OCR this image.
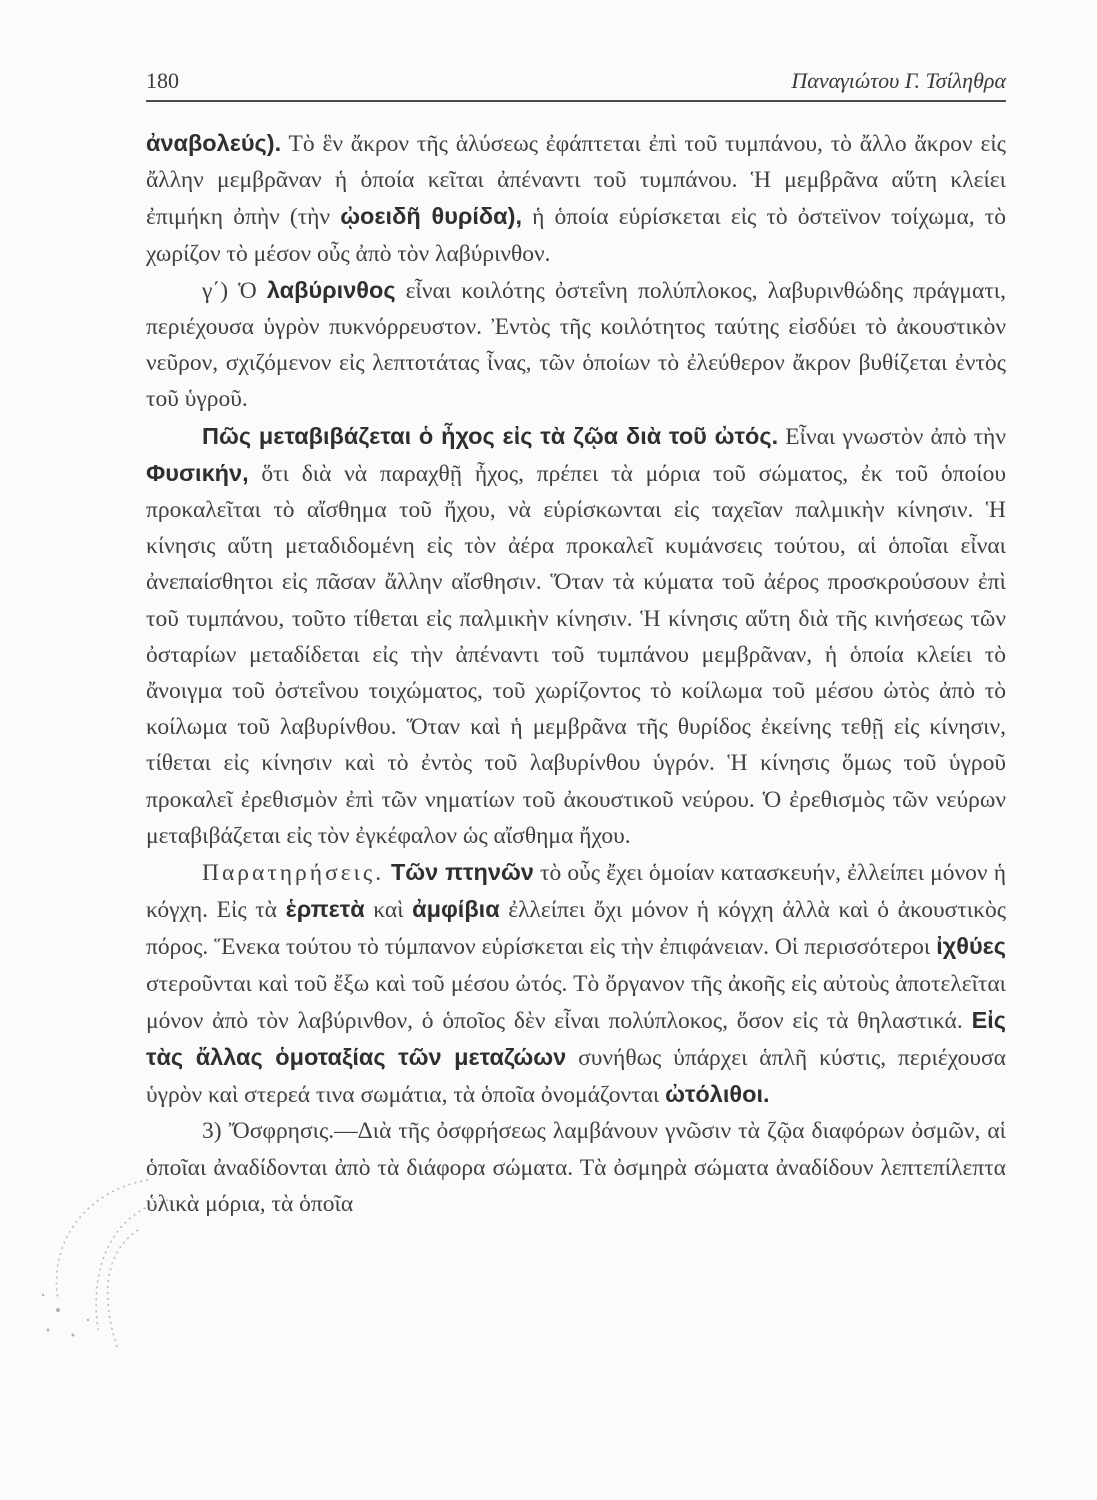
180	Παναγιώτου Γ. Τσίληθρα

ἀναβολεύς). Τὸ ἓν ἄκρον τῆς ἁλύσεως ἐφάπτεται ἐπὶ τοῦ τυμπάνου, τὸ ἄλλο ἄκρον εἰς ἄλλην μεμβρᾶναν ἡ ὁποία κεῖται ἀπέναντι τοῦ τυμπάνου. Ἡ μεμβρᾶνα αὕτη κλείει ἐπιμήκη ὀπὴν (τὴν ᾠοειδῆ θυρίδα), ἡ ὁποία εὑρίσκεται εἰς τὸ ὀστεϊνον τοίχωμα, τὸ χωρίζον τὸ μέσον οὖς ἀπὸ τὸν λαβύρινθον.

γ΄) Ὁ λαβύρινθος εἶναι κοιλότης ὀστεΐνη πολύπλοκος, λαβυρινθώδης πράγματι, περιέχουσα ὑγρὸν πυκνόρρευστον. Ἐντὸς τῆς κοιλότητος ταύτης εἰσδύει τὸ ἀκουστικὸν νεῦρον, σχιζόμενον εἰς λεπτοτάτας ἶνας, τῶν ὁποίων τὸ ἐλεύθερον ἄκρον βυθίζεται ἐντὸς τοῦ ὑγροῦ.

Πῶς μεταβιβάζεται ὁ ἦχος εἰς τὰ ζῷα διὰ τοῦ ὠτός. Εἶναι γνωστὸν ἀπὸ τὴν Φυσικήν, ὅτι διὰ νὰ παραχθῇ ἦχος, πρέπει τὰ μόρια τοῦ σώματος, ἐκ τοῦ ὁποίου προκαλεῖται τὸ αἴσθημα τοῦ ἤχου, νὰ εὑρίσκωνται εἰς ταχεῖαν παλμικὴν κίνησιν. Ἡ κίνησις αὕτη μεταδιδομένη εἰς τὸν ἀέρα προκαλεῖ κυμάνσεις τούτου, αἱ ὁποῖαι εἶναι ἀνεπαίσθητοι εἰς πᾶσαν ἄλλην αἴσθησιν. Ὅταν τὰ κύματα τοῦ ἀέρος προσκρούσουν ἐπὶ τοῦ τυμπάνου, τοῦτο τίθεται εἰς παλμικὴν κίνησιν. Ἡ κίνησις αὕτη διὰ τῆς κινήσεως τῶν ὀσταρίων μεταδίδεται εἰς τὴν ἀπέναντι τοῦ τυμπάνου μεμβρᾶναν, ἡ ὁποία κλείει τὸ ἄνοιγμα τοῦ ὀστεΐνου τοιχώματος, τοῦ χωρίζοντος τὸ κοίλωμα τοῦ μέσου ὠτὸς ἀπὸ τὸ κοίλωμα τοῦ λαβυρίνθου. Ὅταν καὶ ἡ μεμβρᾶνα τῆς θυρίδος ἐκείνης τεθῇ εἰς κίνησιν, τίθεται εἰς κίνησιν καὶ τὸ ἐντὸς τοῦ λαβυρίνθου ὑγρόν. Ἡ κίνησις ὅμως τοῦ ὑγροῦ προκαλεῖ ἐρεθισμὸν ἐπὶ τῶν νηματίων τοῦ ἀκουστικοῦ νεύρου. Ὁ ἐρεθισμὸς τῶν νεύρων μεταβιβάζεται εἰς τὸν ἐγκέφαλον ὡς αἴσθημα ἤχου.

Παρατηρήσεις. Τῶν πτηνῶν τὸ οὖς ἔχει ὁμοίαν κατασκευήν, ἐλλείπει μόνον ἡ κόγχη. Εἰς τὰ ἑρπετὰ καὶ ἀμφίβια ἐλλείπει ὄχι μόνον ἡ κόγχη ἀλλὰ καὶ ὁ ἀκουστικὸς πόρος. Ἕνεκα τούτου τὸ τύμπανον εὑρίσκεται εἰς τὴν ἐπιφάνειαν. Οἱ περισσότεροι ἰχθύες στεροῦνται καὶ τοῦ ἔξω καὶ τοῦ μέσου ὠτός. Τὸ ὄργανον τῆς ἀκοῆς εἰς αὐτοὺς ἀποτελεῖται μόνον ἀπὸ τὸν λαβύρινθον, ὁ ὁποῖος δὲν εἶναι πολύπλοκος, ὅσον εἰς τὰ θηλαστικά. Εἰς τὰς ἄλλας ὁμοταξίας τῶν μεταζώων συνήθως ὑπάρχει ἁπλῆ κύστις, περιέχουσα ὑγρὸν καὶ στερεά τινα σωμάτια, τὰ ὁποῖα ὀνομάζονται ὠτόλιθοι.

3) Ὄσφρησις.—Διὰ τῆς ὀσφρήσεως λαμβάνουν γνῶσιν τὰ ζῷα διαφόρων ὀσμῶν, αἱ ὁποῖαι ἀναδίδονται ἀπὸ τὰ διάφορα σώματα. Τὰ ὀσμηρὰ σώματα ἀναδίδουν λεπτεπίλεπτα ὑλικὰ μόρια, τὰ ὁποῖα
